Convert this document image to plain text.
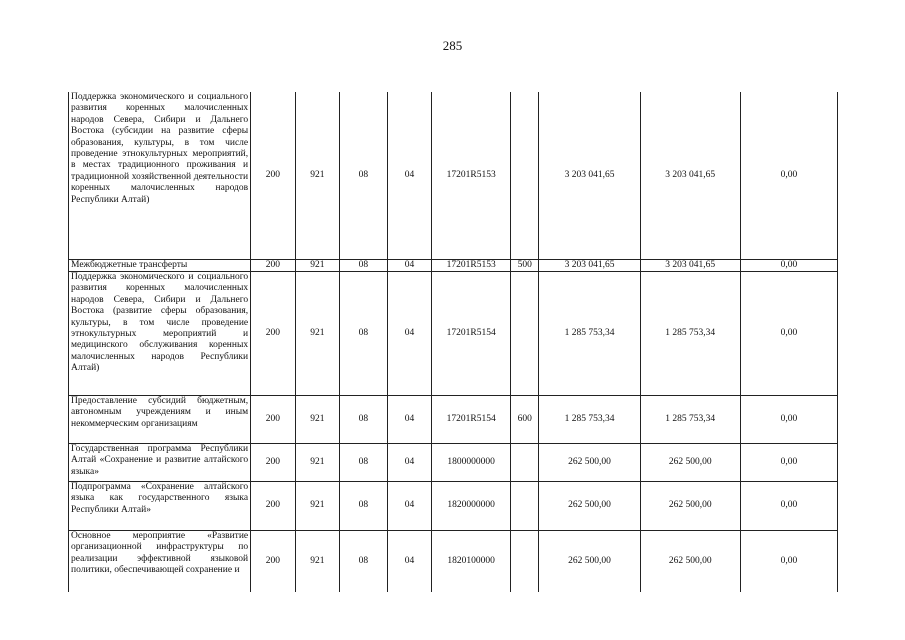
285
Поддержка экономического и социального развития коренных малочисленных народов Севера, Сибири и Дальнего Востока (субсидии на развитие сферы образования, культуры, в том числе проведение этнокультурных мероприятий, в местах традиционного проживания и традиционной хозяйственной деятельности коренных малочисленных народов Республики Алтай)	200	921	08	04	17201R5153		3 203 041,65	3 203 041,65	0,00
Межбюджетные трансферты	200	921	08	04	17201R5153	500	3 203 041,65	3 203 041,65	0,00
Поддержка экономического и социального развития коренных малочисленных народов Севера, Сибири и Дальнего Востока (развитие сферы образования, культуры, в том числе проведение этнокультурных мероприятий и медицинского обслуживания коренных малочисленных народов Республики Алтай)	200	921	08	04	17201R5154		1 285 753,34	1 285 753,34	0,00
Предоставление субсидий бюджетным, автономным учреждениям и иным некоммерческим организациям	200	921	08	04	17201R5154	600	1 285 753,34	1 285 753,34	0,00
Государственная программа Республики Алтай «Сохранение и развитие алтайского языка»	200	921	08	04	1800000000		262 500,00	262 500,00	0,00
Подпрограмма «Сохранение алтайского языка как государственного языка Республики Алтай»	200	921	08	04	1820000000		262 500,00	262 500,00	0,00
Основное мероприятие «Развитие организационной инфраструктуры по реализации эффективной языковой политики, обеспечивающей сохранение и	200	921	08	04	1820100000		262 500,00	262 500,00	0,00
